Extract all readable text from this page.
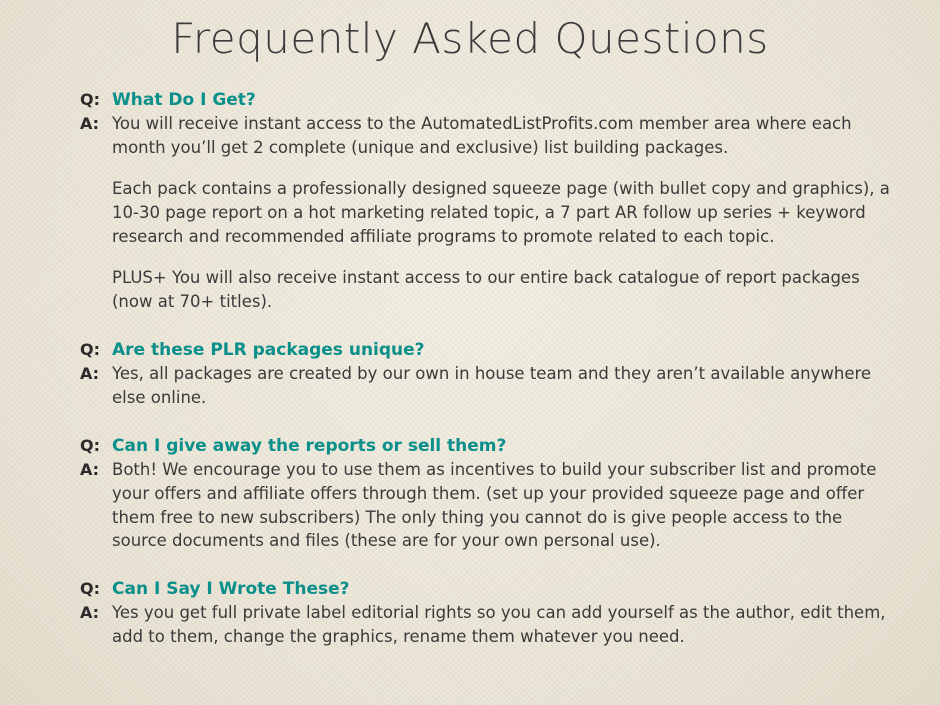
Frequently Asked Questions
Q: What Do I Get?
A: You will receive instant access to the AutomatedListProfits.com member area where each month you’ll get 2 complete (unique and exclusive) list building packages.

Each pack contains a professionally designed squeeze page (with bullet copy and graphics), a 10-30 page report on a hot marketing related topic, a 7 part AR follow up series + keyword research and recommended affiliate programs to promote related to each topic.

PLUS+ You will also receive instant access to our entire back catalogue of report packages (now at 70+ titles).

Q: Are these PLR packages unique?
A: Yes, all packages are created by our own in house team and they aren’t available anywhere else online.

Q: Can I give away the reports or sell them?
A: Both! We encourage you to use them as incentives to build your subscriber list and promote your offers and affiliate offers through them. (set up your provided squeeze page and offer them free to new subscribers) The only thing you cannot do is give people access to the source documents and files (these are for your own personal use).

Q: Can I Say I Wrote These?
A: Yes you get full private label editorial rights so you can add yourself as the author, edit them, add to them, change the graphics, rename them whatever you need.
